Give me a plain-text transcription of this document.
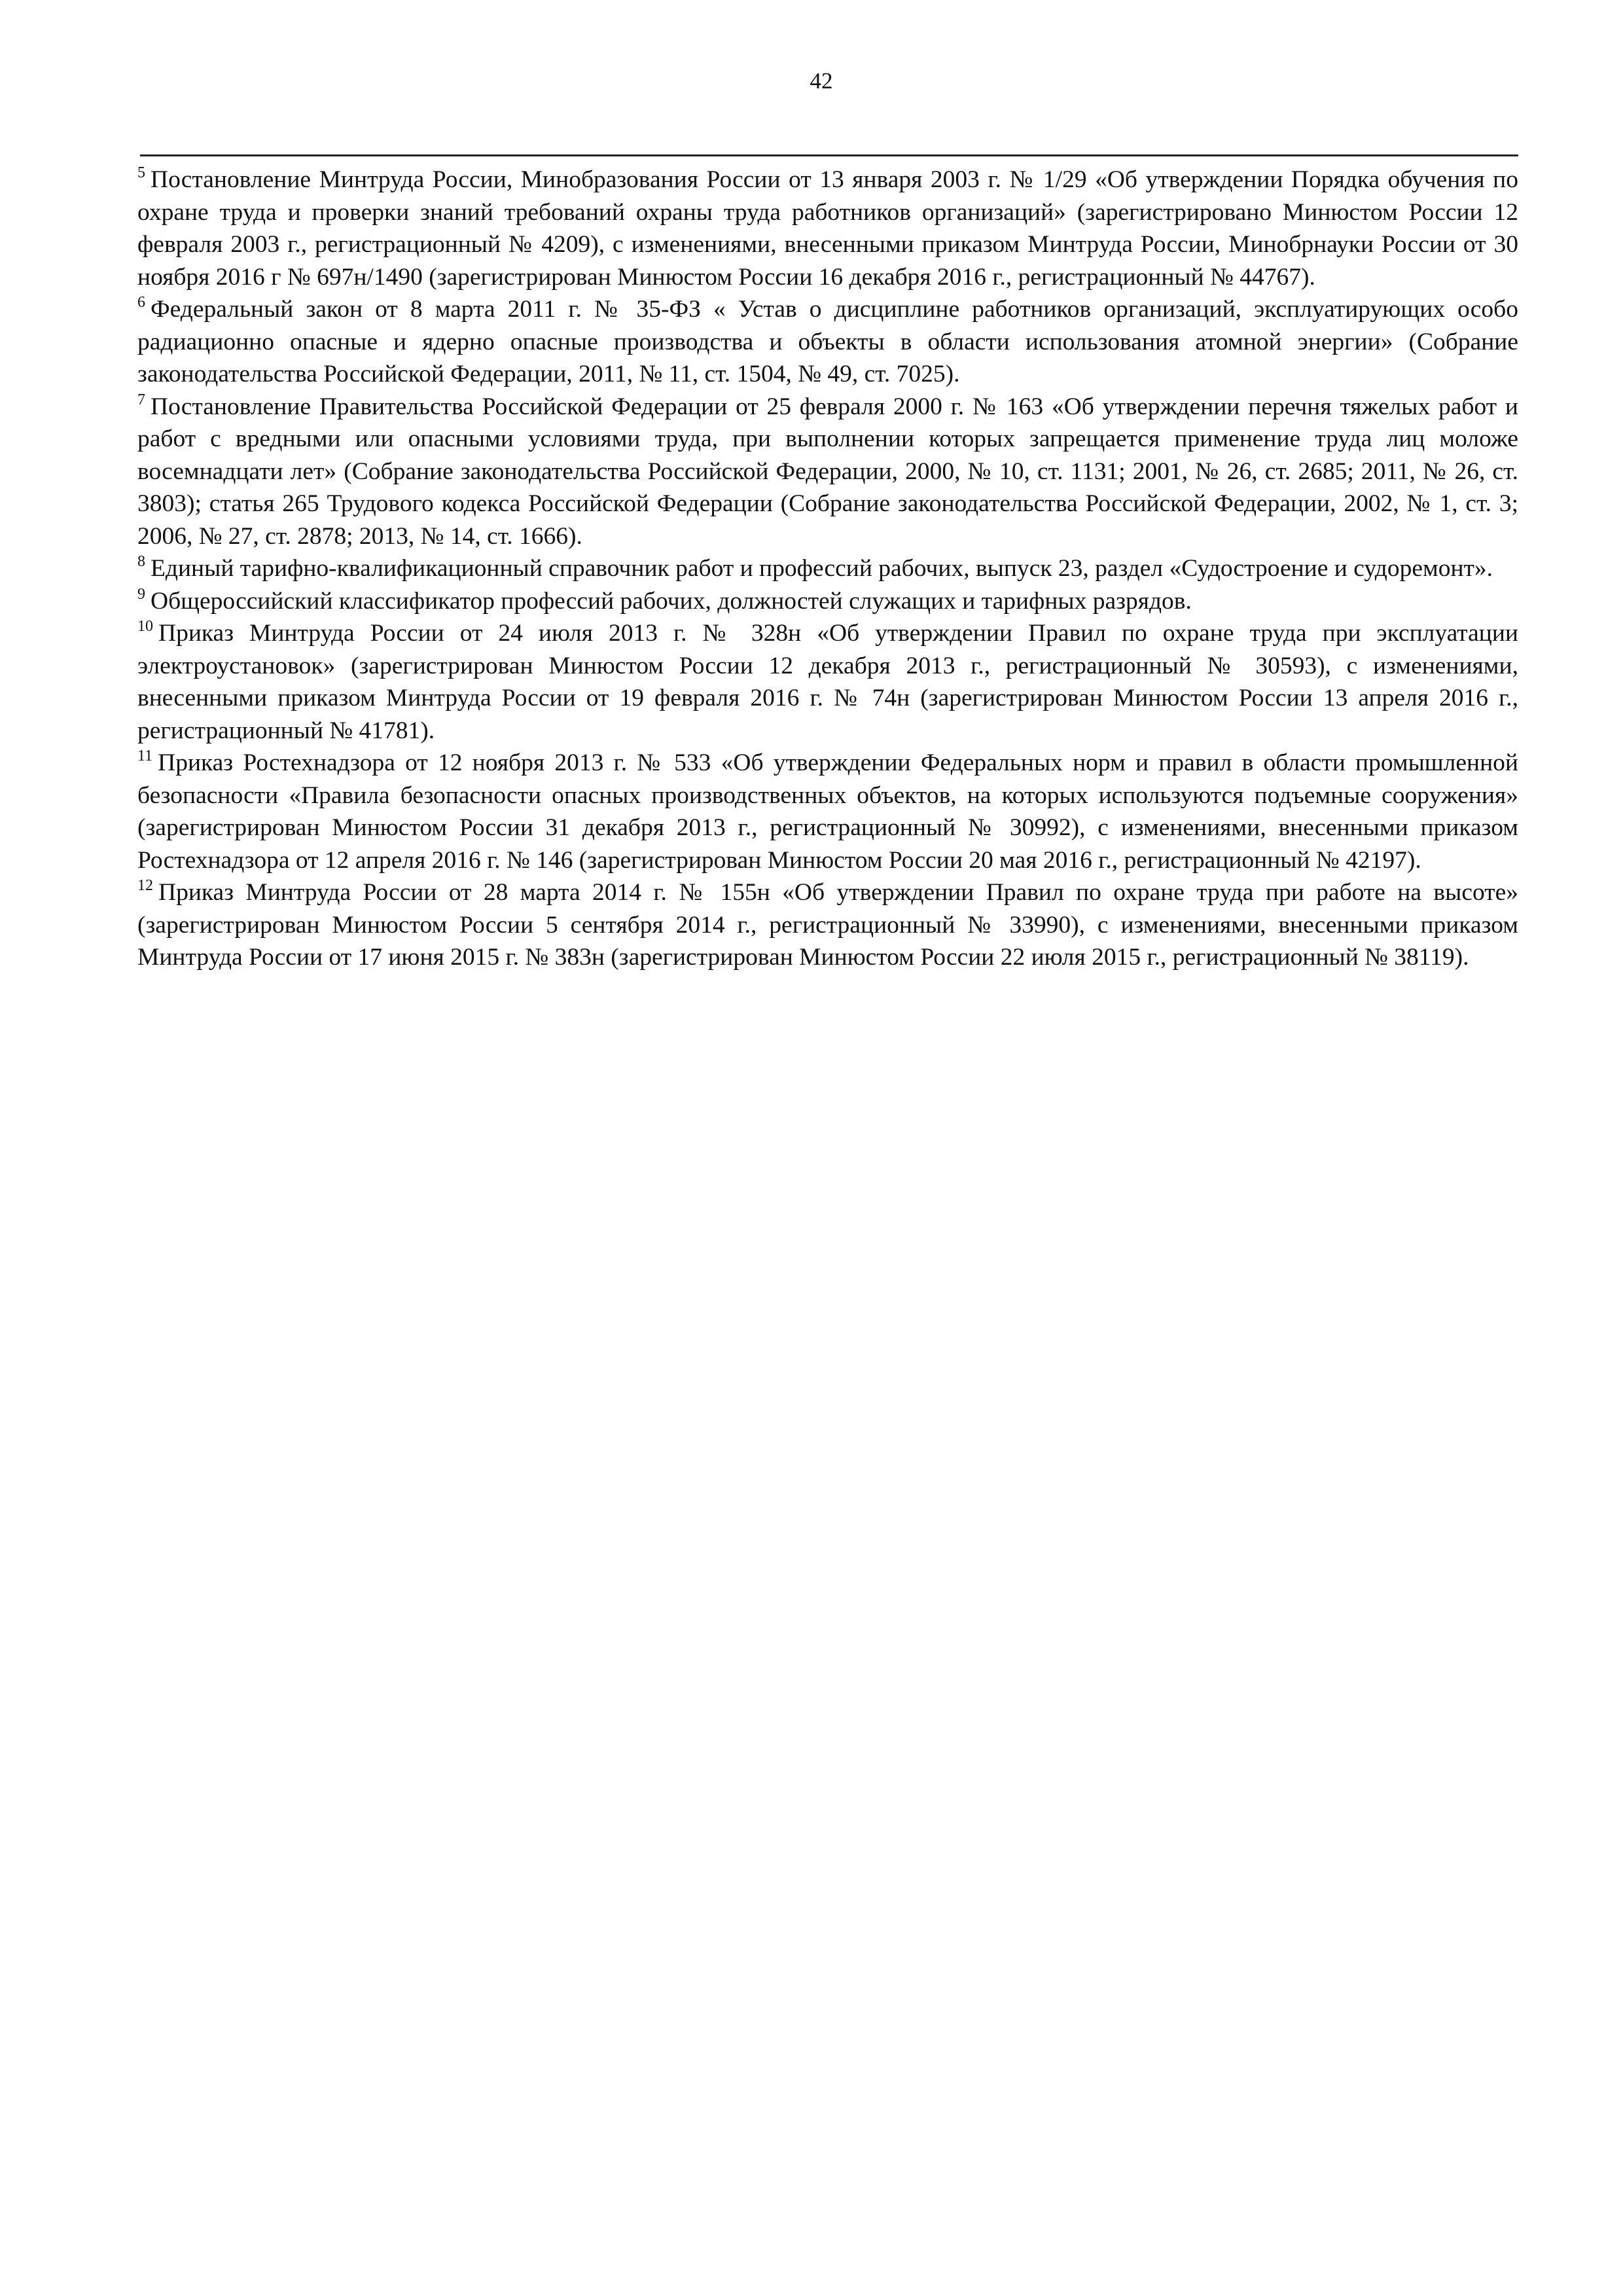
42

$^5$ Постановление Минтруда России, Минобразования России от 13 января 2003 г. № 1/29 «Об утверждении Порядка обучения по охране труда и проверки знаний требований охраны труда работников организаций» (зарегистрировано Минюстом России 12 февраля 2003 г., регистрационный № 4209), с изменениями, внесенными приказом Минтруда России, Минобрнауки России от 30 ноября 2016 г № 697н/1490 (зарегистрирован Минюстом России 16 декабря 2016 г., регистрационный № 44767).

$^6$ Федеральный закон от 8 марта 2011 г. № 35-ФЗ « Устав о дисциплине работников организаций, эксплуатирующих особо радиационно опасные и ядерно опасные производства и объекты в области использования атомной энергии» (Собрание законодательства Российской Федерации, 2011, № 11, ст. 1504, № 49, ст. 7025).

$^7$ Постановление Правительства Российской Федерации от 25 февраля 2000 г. № 163 «Об утверждении перечня тяжелых работ и работ с вредными или опасными условиями труда, при выполнении которых запрещается применение труда лиц моложе восемнадцати лет» (Собрание законодательства Российской Федерации, 2000, № 10, ст. 1131; 2001, № 26, ст. 2685; 2011, № 26, ст. 3803); статья 265 Трудового кодекса Российской Федерации (Собрание законодательства Российской Федерации, 2002, № 1, ст. 3; 2006, № 27, ст. 2878; 2013, № 14, ст. 1666).

$^8$ Единый тарифно-квалификационный справочник работ и профессий рабочих, выпуск 23, раздел «Судостроение и судоремонт».

$^9$ Общероссийский классификатор профессий рабочих, должностей служащих и тарифных разрядов.

$^{10}$ Приказ Минтруда России от 24 июля 2013 г. № 328н «Об утверждении Правил по охране труда при эксплуатации электроустановок» (зарегистрирован Минюстом России 12 декабря 2013 г., регистрационный № 30593), с изменениями, внесенными приказом Минтруда России от 19 февраля 2016 г. № 74н (зарегистрирован Минюстом России 13 апреля 2016 г., регистрационный № 41781).

$^{11}$ Приказ Ростехнадзора от 12 ноября 2013 г. № 533 «Об утверждении Федеральных норм и правил в области промышленной безопасности «Правила безопасности опасных производственных объектов, на которых используются подъемные сооружения» (зарегистрирован Минюстом России 31 декабря 2013 г., регистрационный № 30992), с изменениями, внесенными приказом Ростехнадзора от 12 апреля 2016 г. № 146 (зарегистрирован Минюстом России 20 мая 2016 г., регистрационный № 42197).

$^{12}$ Приказ Минтруда России от 28 марта 2014 г. № 155н «Об утверждении Правил по охране труда при работе на высоте» (зарегистрирован Минюстом России 5 сентября 2014 г., регистрационный № 33990), с изменениями, внесенными приказом Минтруда России от 17 июня 2015 г. № 383н (зарегистрирован Минюстом России 22 июля 2015 г., регистрационный № 38119).
